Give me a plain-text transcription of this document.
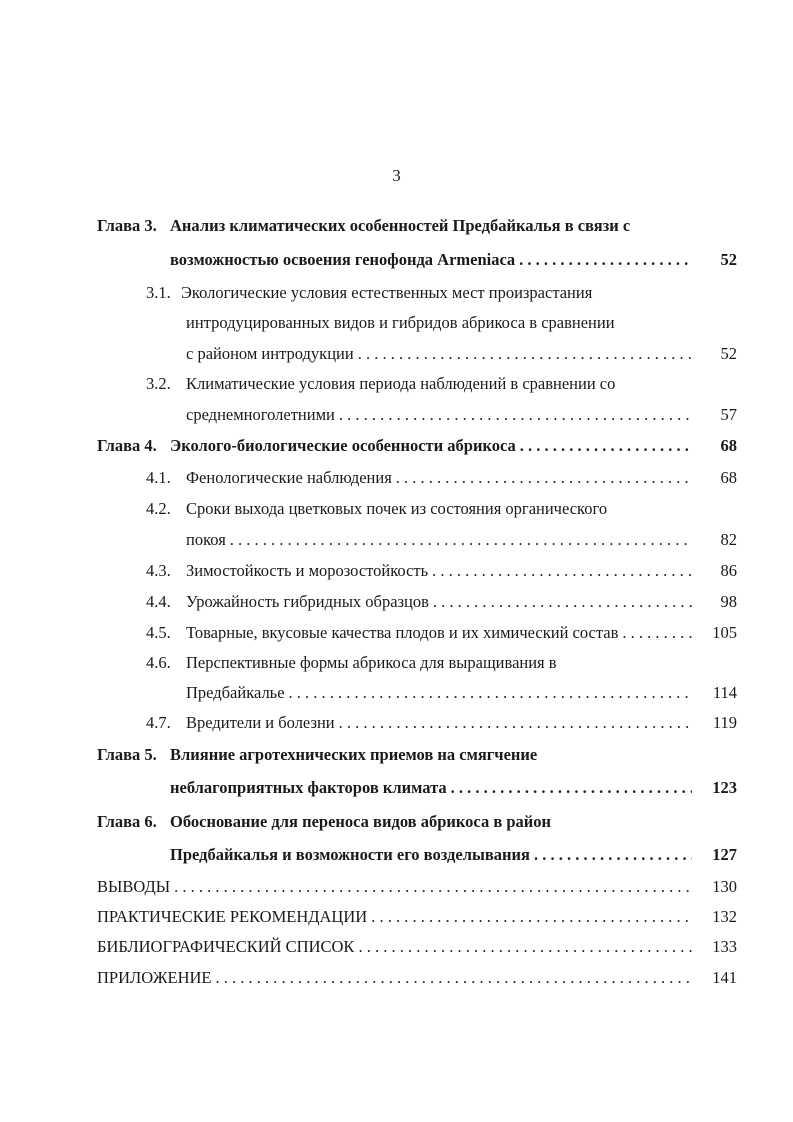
3
Глава 3. Анализ климатических особенностей Предбайкалья в связи с
возможностью освоения генофонда Armeniaca . . .	52
3.1. Экологические условия естественных мест произрастания
интродуцированных видов и гибридов абрикоса в сравнении
с районом интродукции . . .	52
3.2. Климатические условия периода наблюдений в сравнении со
среднемноголетними . . .	57
Глава 4. Эколого-биологические особенности абрикоса . . .	68
4.1. Фенологические наблюдения . . .	68
4.2. Сроки выхода цветковых почек из состояния органического
покоя . . .	82
4.3. Зимостойкость и морозостойкость . . .	86
4.4. Урожайность гибридных образцов . . .	98
4.5. Товарные, вкусовые качества плодов и их химический состав . . .	105
4.6. Перспективные формы абрикоса для выращивания в
Предбайкалье . . .	114
4.7. Вредители и болезни . . .	119
Глава 5. Влияние агротехнических приемов на смягчение
неблагоприятных факторов климата . . .	123
Глава 6. Обоснование для переноса видов абрикоса в район
Предбайкалья и возможности его возделывания . . .	127
ВЫВОДЫ . . .	130
ПРАКТИЧЕСКИЕ РЕКОМЕНДАЦИИ . . .	132
БИБЛИОГРАФИЧЕСКИЙ СПИСОК . . .	133
ПРИЛОЖЕНИЕ . . .	141
